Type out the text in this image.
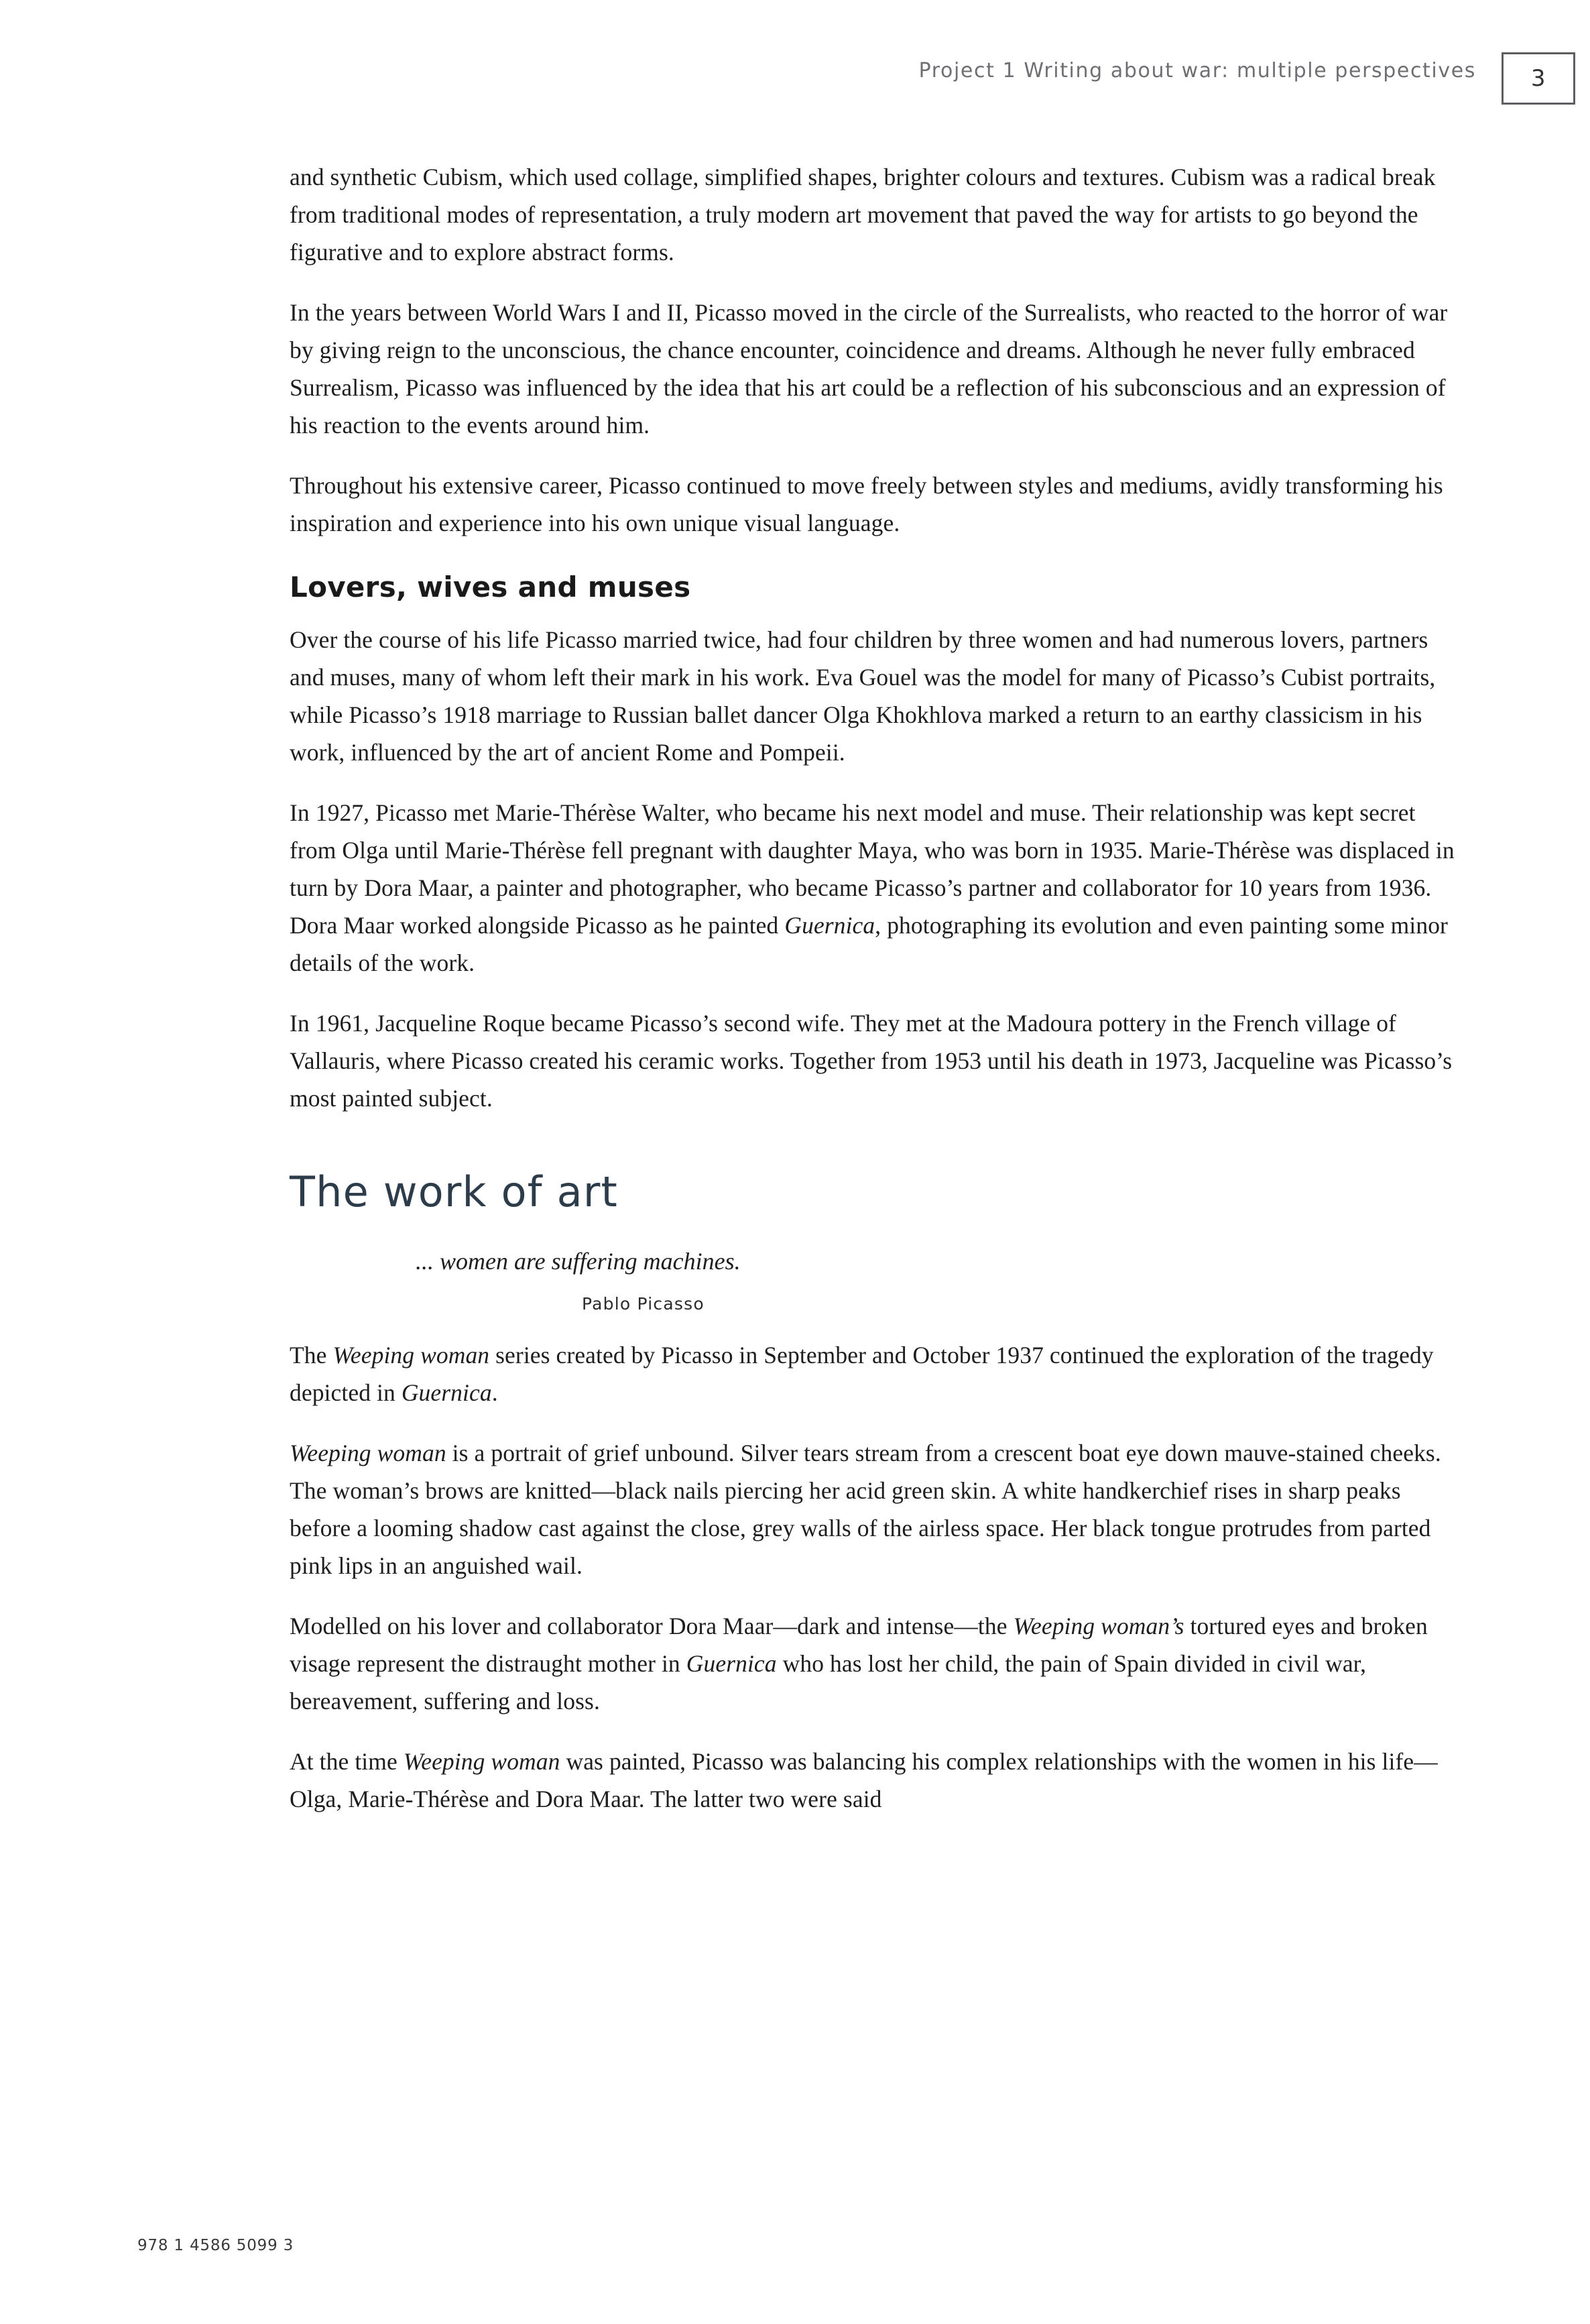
Project 1 Writing about war: multiple perspectives 3

and synthetic Cubism, which used collage, simplified shapes, brighter colours and textures. Cubism was a radical break from traditional modes of representation, a truly modern art movement that paved the way for artists to go beyond the figurative and to explore abstract forms.

In the years between World Wars I and II, Picasso moved in the circle of the Surrealists, who reacted to the horror of war by giving reign to the unconscious, the chance encounter, coincidence and dreams. Although he never fully embraced Surrealism, Picasso was influenced by the idea that his art could be a reflection of his subconscious and an expression of his reaction to the events around him.

Throughout his extensive career, Picasso continued to move freely between styles and mediums, avidly transforming his inspiration and experience into his own unique visual language.

Lovers, wives and muses

Over the course of his life Picasso married twice, had four children by three women and had numerous lovers, partners and muses, many of whom left their mark in his work. Eva Gouel was the model for many of Picasso’s Cubist portraits, while Picasso’s 1918 marriage to Russian ballet dancer Olga Khokhlova marked a return to an earthy classicism in his work, influenced by the art of ancient Rome and Pompeii.

In 1927, Picasso met Marie-Thérèse Walter, who became his next model and muse. Their relationship was kept secret from Olga until Marie-Thérèse fell pregnant with daughter Maya, who was born in 1935. Marie-Thérèse was displaced in turn by Dora Maar, a painter and photographer, who became Picasso’s partner and collaborator for 10 years from 1936. Dora Maar worked alongside Picasso as he painted Guernica, photographing its evolution and even painting some minor details of the work.

In 1961, Jacqueline Roque became Picasso’s second wife. They met at the Madoura pottery in the French village of Vallauris, where Picasso created his ceramic works. Together from 1953 until his death in 1973, Jacqueline was Picasso’s most painted subject.

The work of art

... women are suffering machines.

Pablo Picasso

The Weeping woman series created by Picasso in September and October 1937 continued the exploration of the tragedy depicted in Guernica.

Weeping woman is a portrait of grief unbound. Silver tears stream from a crescent boat eye down mauve-stained cheeks. The woman’s brows are knitted—black nails piercing her acid green skin. A white handkerchief rises in sharp peaks before a looming shadow cast against the close, grey walls of the airless space. Her black tongue protrudes from parted pink lips in an anguished wail.

Modelled on his lover and collaborator Dora Maar—dark and intense—the Weeping woman’s tortured eyes and broken visage represent the distraught mother in Guernica who has lost her child, the pain of Spain divided in civil war, bereavement, suffering and loss.

At the time Weeping woman was painted, Picasso was balancing his complex relationships with the women in his life—Olga, Marie-Thérèse and Dora Maar. The latter two were said

978 1 4586 5099 3
